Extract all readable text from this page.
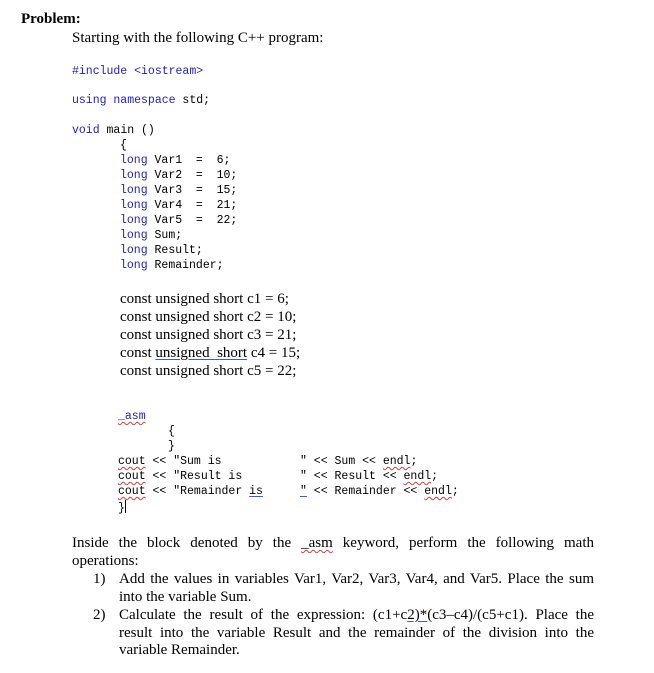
Problem:
Starting with the following C++ program:
#include <iostream>
using namespace std;
void main ()
{
long Var1  =  6;
long Var2  =  10;
long Var3  =  15;
long Var4  =  21;
long Var5  =  22;
long Sum;
long Result;
long Remainder;
const unsigned short c1 = 6;
const unsigned short c2 = 10;
const unsigned short c3 = 21;
const unsigned  short c4 = 15;
const unsigned short c5 = 22;
_asm
{
}
cout << "Sum is	" << Sum << endl;
cout << "Result is	" << Result << endl;
cout << "Remainder is	" << Remainder << endl;
}
Inside the block denoted by the _asm keyword, perform the following math operations:
1) Add the values in variables Var1, Var2, Var3, Var4, and Var5. Place the sum into the variable Sum.
2) Calculate the result of the expression: (c1+c2)*(c3–c4)/(c5+c1). Place the result into the variable Result and the remainder of the division into the variable Remainder.
